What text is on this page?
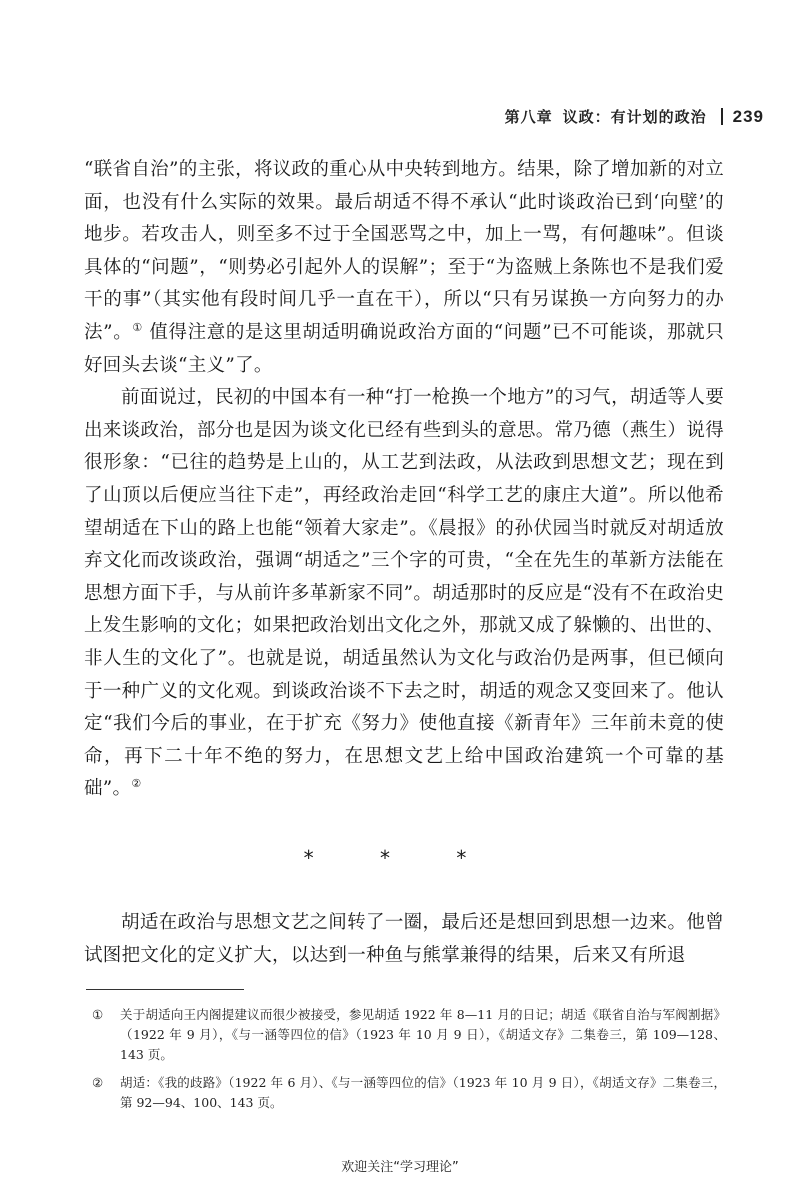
第八章 议政：有计划的政治 239

“联省自治”的主张，将议政的重心从中央转到地方。结果，除了增加新的对立面，也没有什么实际的效果。最后胡适不得不承认“此时谈政治已到‘向壁’的地步。若攻击人，则至多不过于全国恶骂之中，加上一骂，有何趣味”。但谈具体的“问题”，“则势必引起外人的误解”；至于“为盗贼上条陈也不是我们爱干的事”（其实他有段时间几乎一直在干），所以“只有另谋换一方向努力的办法”。① 值得注意的是这里胡适明确说政治方面的“问题”已不可能谈，那就只好回头去谈“主义”了。

前面说过，民初的中国本有一种“打一枪换一个地方”的习气，胡适等人要出来谈政治，部分也是因为谈文化已经有些到头的意思。常乃德（燕生）说得很形象：“已往的趋势是上山的，从工艺到法政，从法政到思想文艺；现在到了山顶以后便应当往下走”，再经政治走回“科学工艺的康庄大道”。所以他希望胡适在下山的路上也能“领着大家走”。《晨报》的孙伏园当时就反对胡适放弃文化而改谈政治，强调“胡适之”三个字的可贵，“全在先生的革新方法能在思想方面下手，与从前许多革新家不同”。胡适那时的反应是“没有不在政治史上发生影响的文化；如果把政治划出文化之外，那就又成了躲懒的、出世的、非人生的文化了”。也就是说，胡适虽然认为文化与政治仍是两事，但已倾向于一种广义的文化观。到谈政治谈不下去之时，胡适的观念又变回来了。他认定“我们今后的事业，在于扩充《努力》使他直接《新青年》三年前未竟的使命，再下二十年不绝的努力，在思想文艺上给中国政治建筑一个可靠的基础”。②

* * *

胡适在政治与思想文艺之间转了一圈，最后还是想回到思想一边来。他曾试图把文化的定义扩大，以达到一种鱼与熊掌兼得的结果，后来又有所退

①	关于胡适向王内阁提建议而很少被接受，参见胡适 1922 年 8—11 月的日记；胡适《联省自治与军阀割据》（1922 年 9 月），《与一涵等四位的信》（1923 年 10 月 9 日），《胡适文存》二集卷三，第 109—128、143 页。
②	胡适：《我的歧路》（1922 年 6 月）、《与一涵等四位的信》（1923 年 10 月 9 日），《胡适文存》二集卷三，第 92—94、100、143 页。
欢迎关注“学习理论”
